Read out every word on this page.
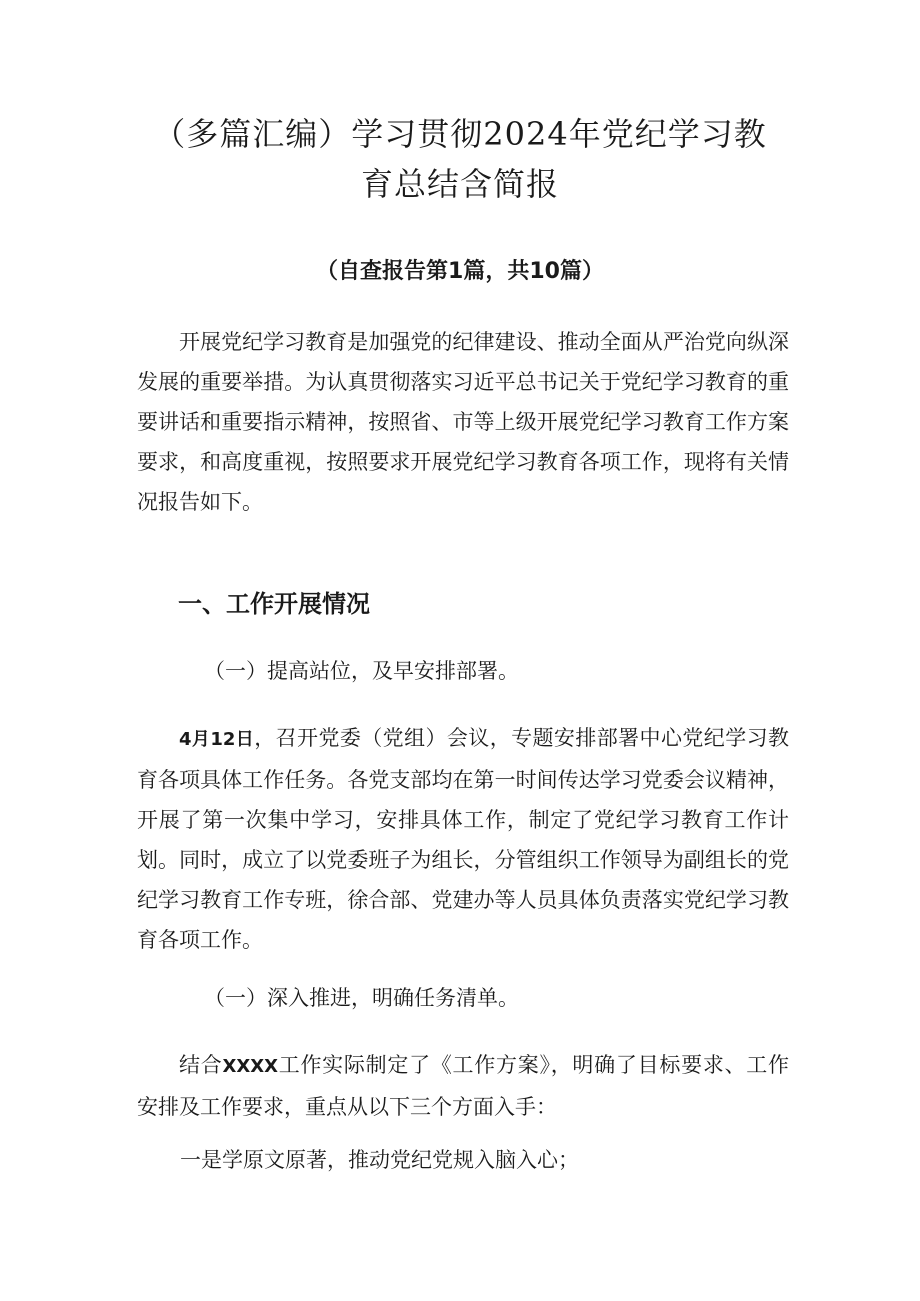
（多篇汇编）学习贯彻2024年党纪学习教
育总结含简报

（自查报告第1篇，共10篇）

开展党纪学习教育是加强党的纪律建设、推动全面从严治党向纵深发展的重要举措。为认真贯彻落实习近平总书记关于党纪学习教育的重要讲话和重要指示精神，按照省、市等上级开展党纪学习教育工作方案要求，和高度重视，按照要求开展党纪学习教育各项工作，现将有关情况报告如下。

一、工作开展情况

（一）提高站位，及早安排部署。

4月12日，召开党委（党组）会议，专题安排部署中心党纪学习教育各项具体工作任务。各党支部均在第一时间传达学习党委会议精神，开展了第一次集中学习，安排具体工作，制定了党纪学习教育工作计划。同时，成立了以党委班子为组长，分管组织工作领导为副组长的党纪学习教育工作专班，徐合部、党建办等人员具体负责落实党纪学习教育各项工作。

（一）深入推进，明确任务清单。

结合XXXX工作实际制定了《工作方案》，明确了目标要求、工作安排及工作要求，重点从以下三个方面入手：

一是学原文原著，推动党纪党规入脑入心；
